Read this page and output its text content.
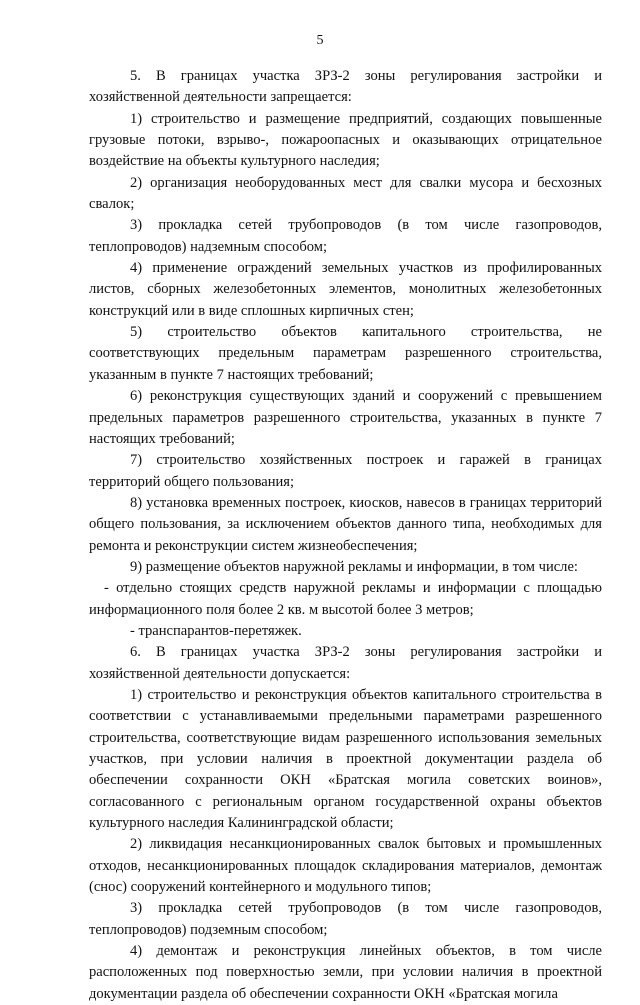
5

5. В границах участка ЗРЗ-2 зоны регулирования застройки и хозяйственной деятельности запрещается:

1) строительство и размещение предприятий, создающих повышенные грузовые потоки, взрыво-, пожароопасных и оказывающих отрицательное воздействие на объекты культурного наследия;

2) организация необорудованных мест для свалки мусора и бесхозных свалок;

3) прокладка сетей трубопроводов (в том числе газопроводов, теплопроводов) надземным способом;

4) применение ограждений земельных участков из профилированных листов, сборных железобетонных элементов, монолитных железобетонных конструкций или в виде сплошных кирпичных стен;

5) строительство объектов капитального строительства, не соответствующих предельным параметрам разрешенного строительства, указанным в пункте 7 настоящих требований;

6) реконструкция существующих зданий и сооружений с превышением предельных параметров разрешенного строительства, указанных в пункте 7 настоящих требований;

7) строительство хозяйственных построек и гаражей в границах территорий общего пользования;

8) установка временных построек, киосков, навесов в границах территорий общего пользования, за исключением объектов данного типа, необходимых для ремонта и реконструкции систем жизнеобеспечения;

9) размещение объектов наружной рекламы и информации, в том числе:

- отдельно стоящих средств наружной рекламы и информации с площадью информационного поля более 2 кв. м высотой более 3 метров;

- транспарантов-перетяжек.

6. В границах участка ЗРЗ-2 зоны регулирования застройки и хозяйственной деятельности допускается:

1) строительство и реконструкция объектов капитального строительства в соответствии с устанавливаемыми предельными параметрами разрешенного строительства, соответствующие видам разрешенного использования земельных участков, при условии наличия в проектной документации раздела об обеспечении сохранности ОКН «Братская могила советских воинов», согласованного с региональным органом государственной охраны объектов культурного наследия Калининградской области;

2) ликвидация несанкционированных свалок бытовых и промышленных отходов, несанкционированных площадок складирования материалов, демонтаж (снос) сооружений контейнерного и модульного типов;

3) прокладка сетей трубопроводов (в том числе газопроводов, теплопроводов) подземным способом;

4) демонтаж и реконструкция линейных объектов, в том числе расположенных под поверхностью земли, при условии наличия в проектной документации раздела об обеспечении сохранности ОКН «Братская могила
